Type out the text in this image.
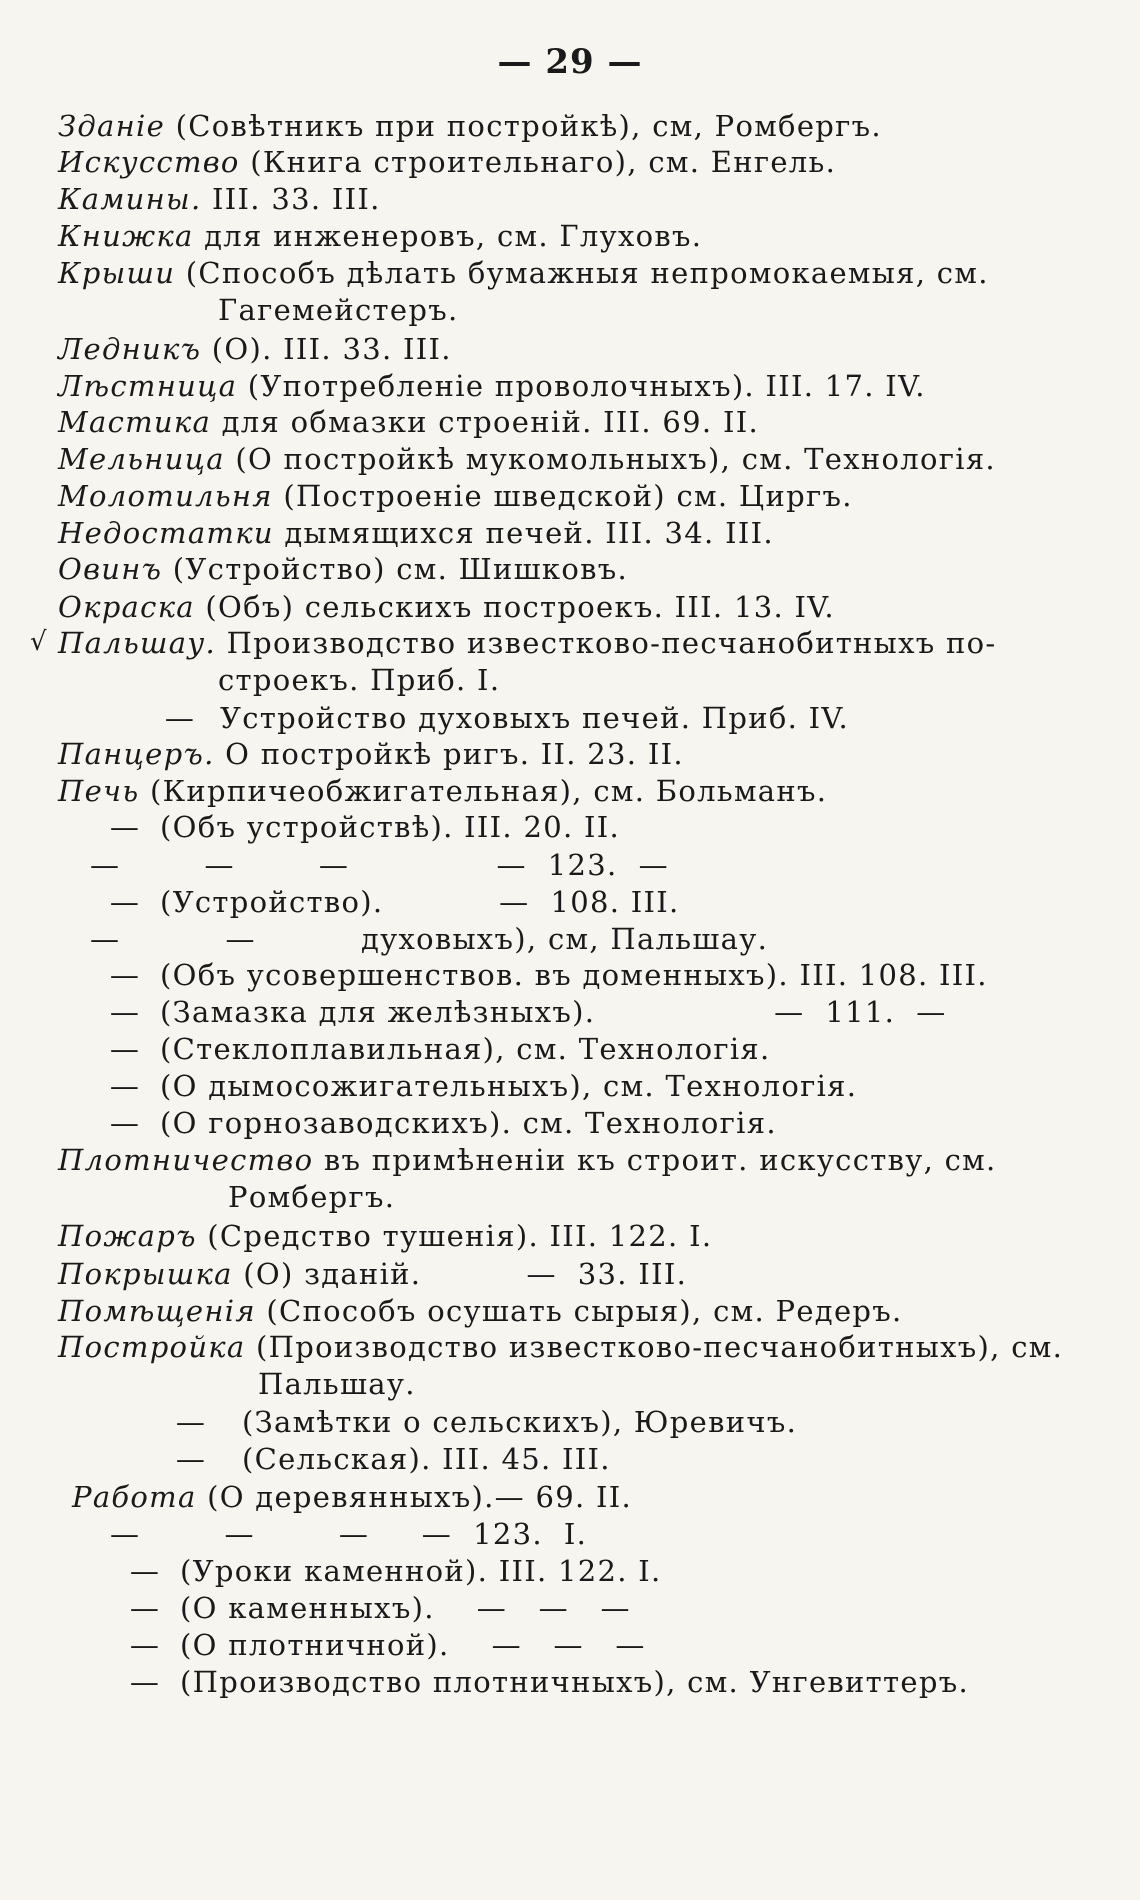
— 29 —
Зданіе (Совѣтникъ при постройкѣ), см, Ромбергъ.
Искусство (Книга строительнаго), см. Енгель.
Камины. III. 33. III.
Книжка для инженеровъ, см. Глуховъ.
Крыши (Способъ дѣлать бумажныя непромокаемыя, см.
Гагемейстеръ.
Ледникъ (О). III. 33. III.
Лѣстница (Употребленіе проволочныхъ). III. 17. IV.
Мастика для обмазки строеній. III. 69. II.
Мельница (О постройкѣ мукомольныхъ), см. Технологія.
Молотильня (Построеніе шведской) см. Циргъ.
Недостатки дымящихся печей. III. 34. III.
Овинъ (Устройство) см. Шишковъ.
Окраска (Объ) сельскихъ построекъ. III. 13. IV.
Пальшау. Производство известково-песчанобитныхъ по-
строекъ. Приб. I.
— Устройство духовыхъ печей. Приб. IV.
Панцеръ. О постройкѣ ригъ. II. 23. II.
Печь (Кирпичеобжигательная), см. Больманъ.
— (Объ устройствѣ). III. 20. II.
—        —        —              —  123.  —
— (Устройство).           —  108. III.
—          —          духовыхъ), см, Пальшау.
— (Объ усовершенствов. въ доменныхъ). III. 108. III.
— (Замазка для желѣзныхъ).                 —  111.  —
— (Стеклоплавильная), см. Технологія.
— (О дымосожигательныхъ), см. Технологія.
— (О горнозаводскихъ). см. Технологія.
Плотничество въ примѣненіи къ строит. искусству, см.
Ромбергъ.
Пожаръ (Средство тушенія). III. 122. I.
Покрышка (О) зданій.          —  33. III.
Помѣщенія (Способъ осушать сырыя), см. Редеръ.
Постройка (Производство известково-песчанобитныхъ), см.
Пальшау.
— (Замѣтки о сельскихъ), Юревичъ.
— (Сельская). III. 45. III.
Работа (О деревянныхъ).— 69. II.
—        —        —     —  123.  I.
— (Уроки каменной). III. 122. I.
— (О каменныхъ).    —   —   —
— (О плотничной).    —   —   —
— (Производство плотничныхъ), см. Унгевиттеръ.
√
